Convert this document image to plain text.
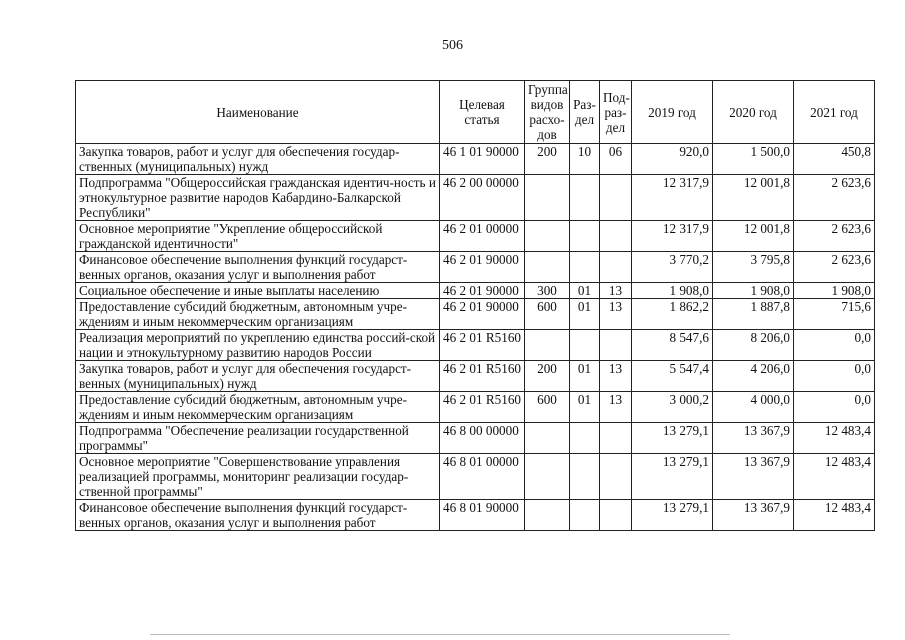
506
Наименование	Целевая статья	Группа видов расхо-дов	Раз-дел	Под-раз-дел	2019 год	2020 год	2021 год
Закупка товаров, работ и услуг для обеспечения государ-ственных (муниципальных) нужд	46 1 01 90000	200	10	06	920,0	1 500,0	450,8
Подпрограмма "Общероссийская гражданская идентич-ность и этнокультурное развитие народов Кабардино-Балкарской Республики"	46 2 00 00000				12 317,9	12 001,8	2 623,6
Основное мероприятие "Укрепление общероссийской гражданской идентичности"	46 2 01 00000				12 317,9	12 001,8	2 623,6
Финансовое обеспечение выполнения функций государст-венных органов, оказания услуг и выполнения работ	46 2 01 90000				3 770,2	3 795,8	2 623,6
Социальное обеспечение и иные выплаты населению	46 2 01 90000	300	01	13	1 908,0	1 908,0	1 908,0
Предоставление субсидий бюджетным, автономным учре-ждениям и иным некоммерческим организациям	46 2 01 90000	600	01	13	1 862,2	1 887,8	715,6
Реализация мероприятий по укреплению единства россий-ской нации и этнокультурному развитию народов России	46 2 01 R5160				8 547,6	8 206,0	0,0
Закупка товаров, работ и услуг для обеспечения государст-венных (муниципальных) нужд	46 2 01 R5160	200	01	13	5 547,4	4 206,0	0,0
Предоставление субсидий бюджетным, автономным учре-ждениям и иным некоммерческим организациям	46 2 01 R5160	600	01	13	3 000,2	4 000,0	0,0
Подпрограмма "Обеспечение реализации государственной программы"	46 8 00 00000				13 279,1	13 367,9	12 483,4
Основное мероприятие "Совершенствование управления реализацией программы, мониторинг реализации государ-ственной программы"	46 8 01 00000				13 279,1	13 367,9	12 483,4
Финансовое обеспечение выполнения функций государст-венных органов, оказания услуг и выполнения работ	46 8 01 90000				13 279,1	13 367,9	12 483,4
